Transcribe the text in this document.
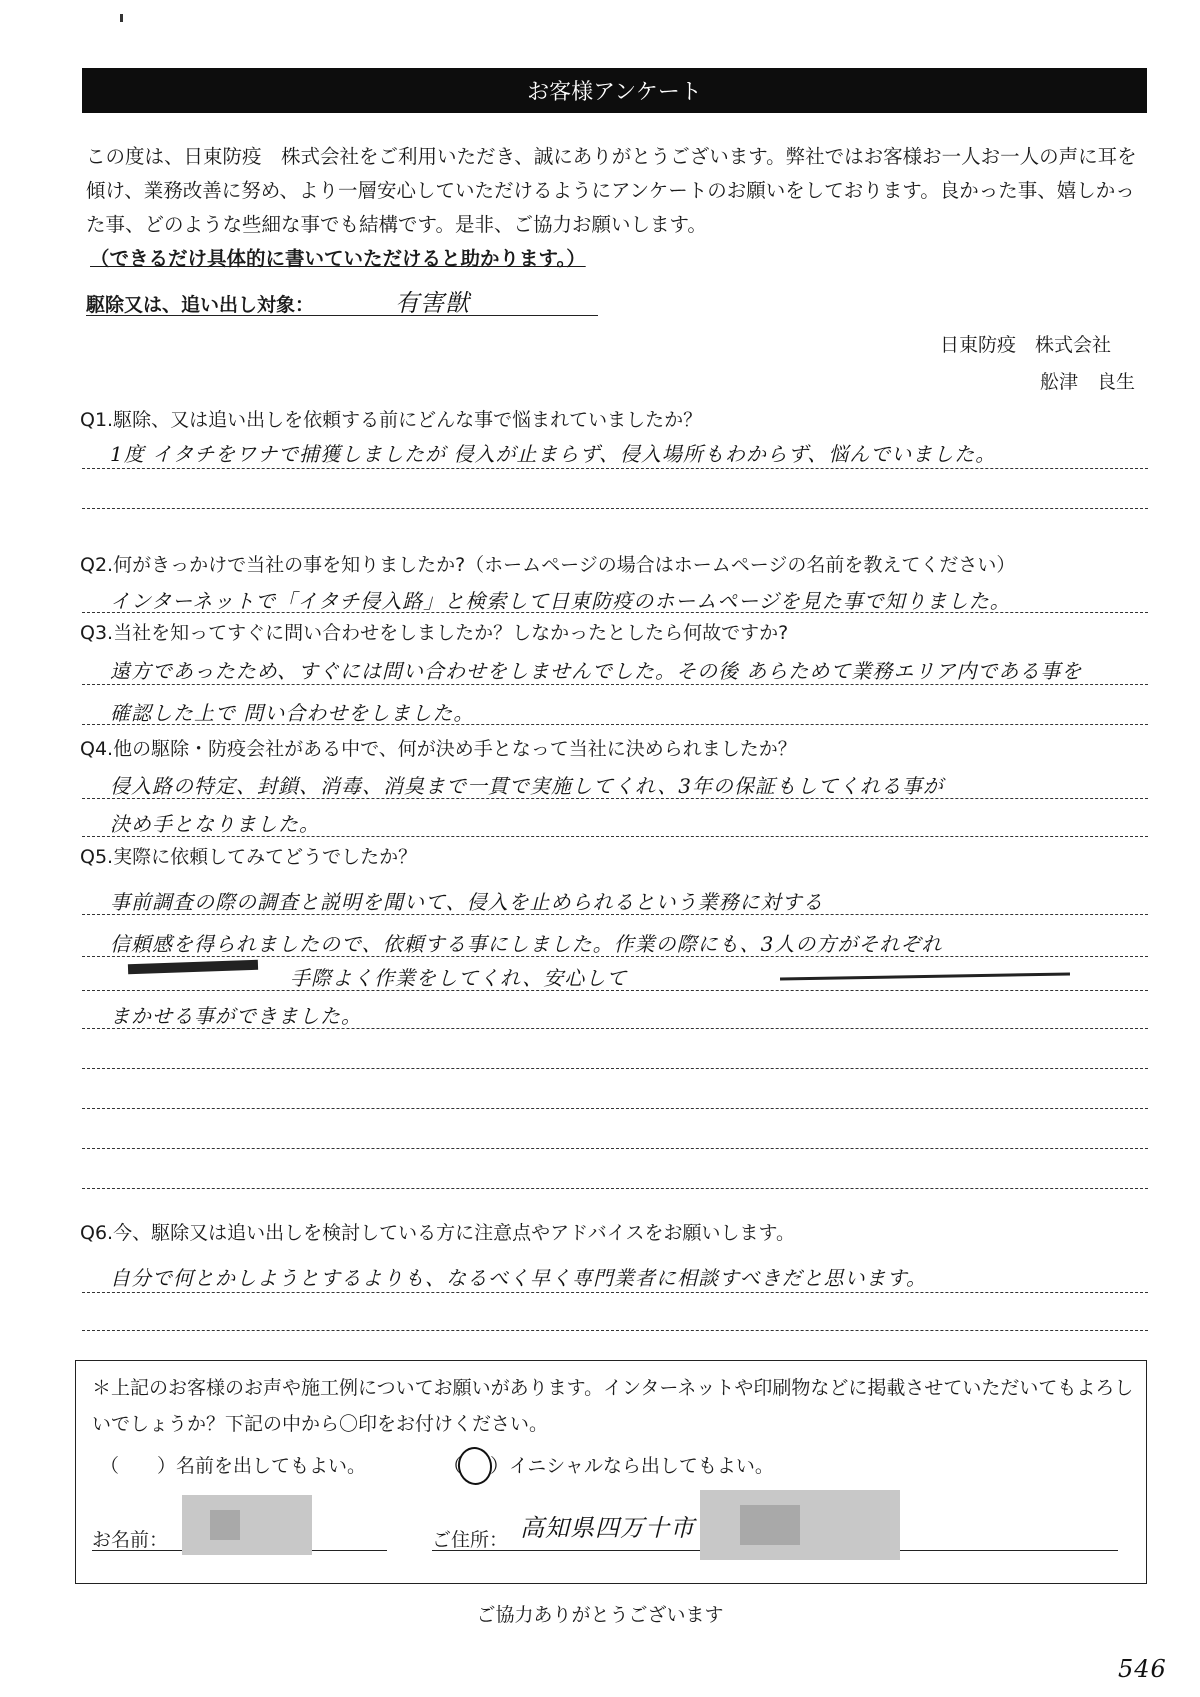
お客様アンケート

この度は、日東防疫　株式会社をご利用いただき、誠にありがとうございます。弊社ではお客様お一人お一人の声に耳を傾け、業務改善に努め、より一層安心していただけるようにアンケートのお願いをしております。良かった事、嬉しかった事、どのような些細な事でも結構です。是非、ご協力お願いします。

（できるだけ具体的に書いていただけると助かります。）

駆除又は、追い出し対象：	有害獣
日東防疫　株式会社
舩津　良生
Q1.駆除、又は追い出しを依頼する前にどんな事で悩まれていましたか？
1度 イタチをワナで捕獲しましたが 侵入が止まらず、侵入場所もわからず、悩んでいました。
Q2.何がきっかけで当社の事を知りましたか?（ホームページの場合はホームページの名前を教えてください）
インターネットで「イタチ侵入路」と検索して日東防疫のホームページを見た事で知りました。
Q3.当社を知ってすぐに問い合わせをしましたか？しなかったとしたら何故ですか?
遠方であったため、すぐには問い合わせをしませんでした。その後 あらためて業務エリア内である事を
確認した上で 問い合わせをしました。
Q4.他の駆除・防疫会社がある中で、何が決め手となって当社に決められましたか？
侵入路の特定、封鎖、消毒、消臭まで一貫で実施してくれ、3年の保証もしてくれる事が
決め手となりました。
Q5.実際に依頼してみてどうでしたか？
事前調査の際の調査と説明を聞いて、侵入を止められるという業務に対する
信頼感を得られましたので、依頼する事にしました。作業の際にも、3人の方がそれぞれ
手際よく作業をしてくれ、安心して
まかせる事ができました。
Q6.今、駆除又は追い出しを検討している方に注意点やアドバイスをお願いします。
自分で何とかしようとするよりも、なるべく早く専門業者に相談すべきだと思います。
＊上記のお客様のお声や施工例についてお願いがあります。インターネットや印刷物などに掲載させていただいてもよろしいでしょうか？下記の中から〇印をお付けください。
（　　）名前を出してもよい。	（ ）イニシャルなら出してもよい。
お名前：	ご住所： 高知県四万十市
ご協力ありがとうございます
546
